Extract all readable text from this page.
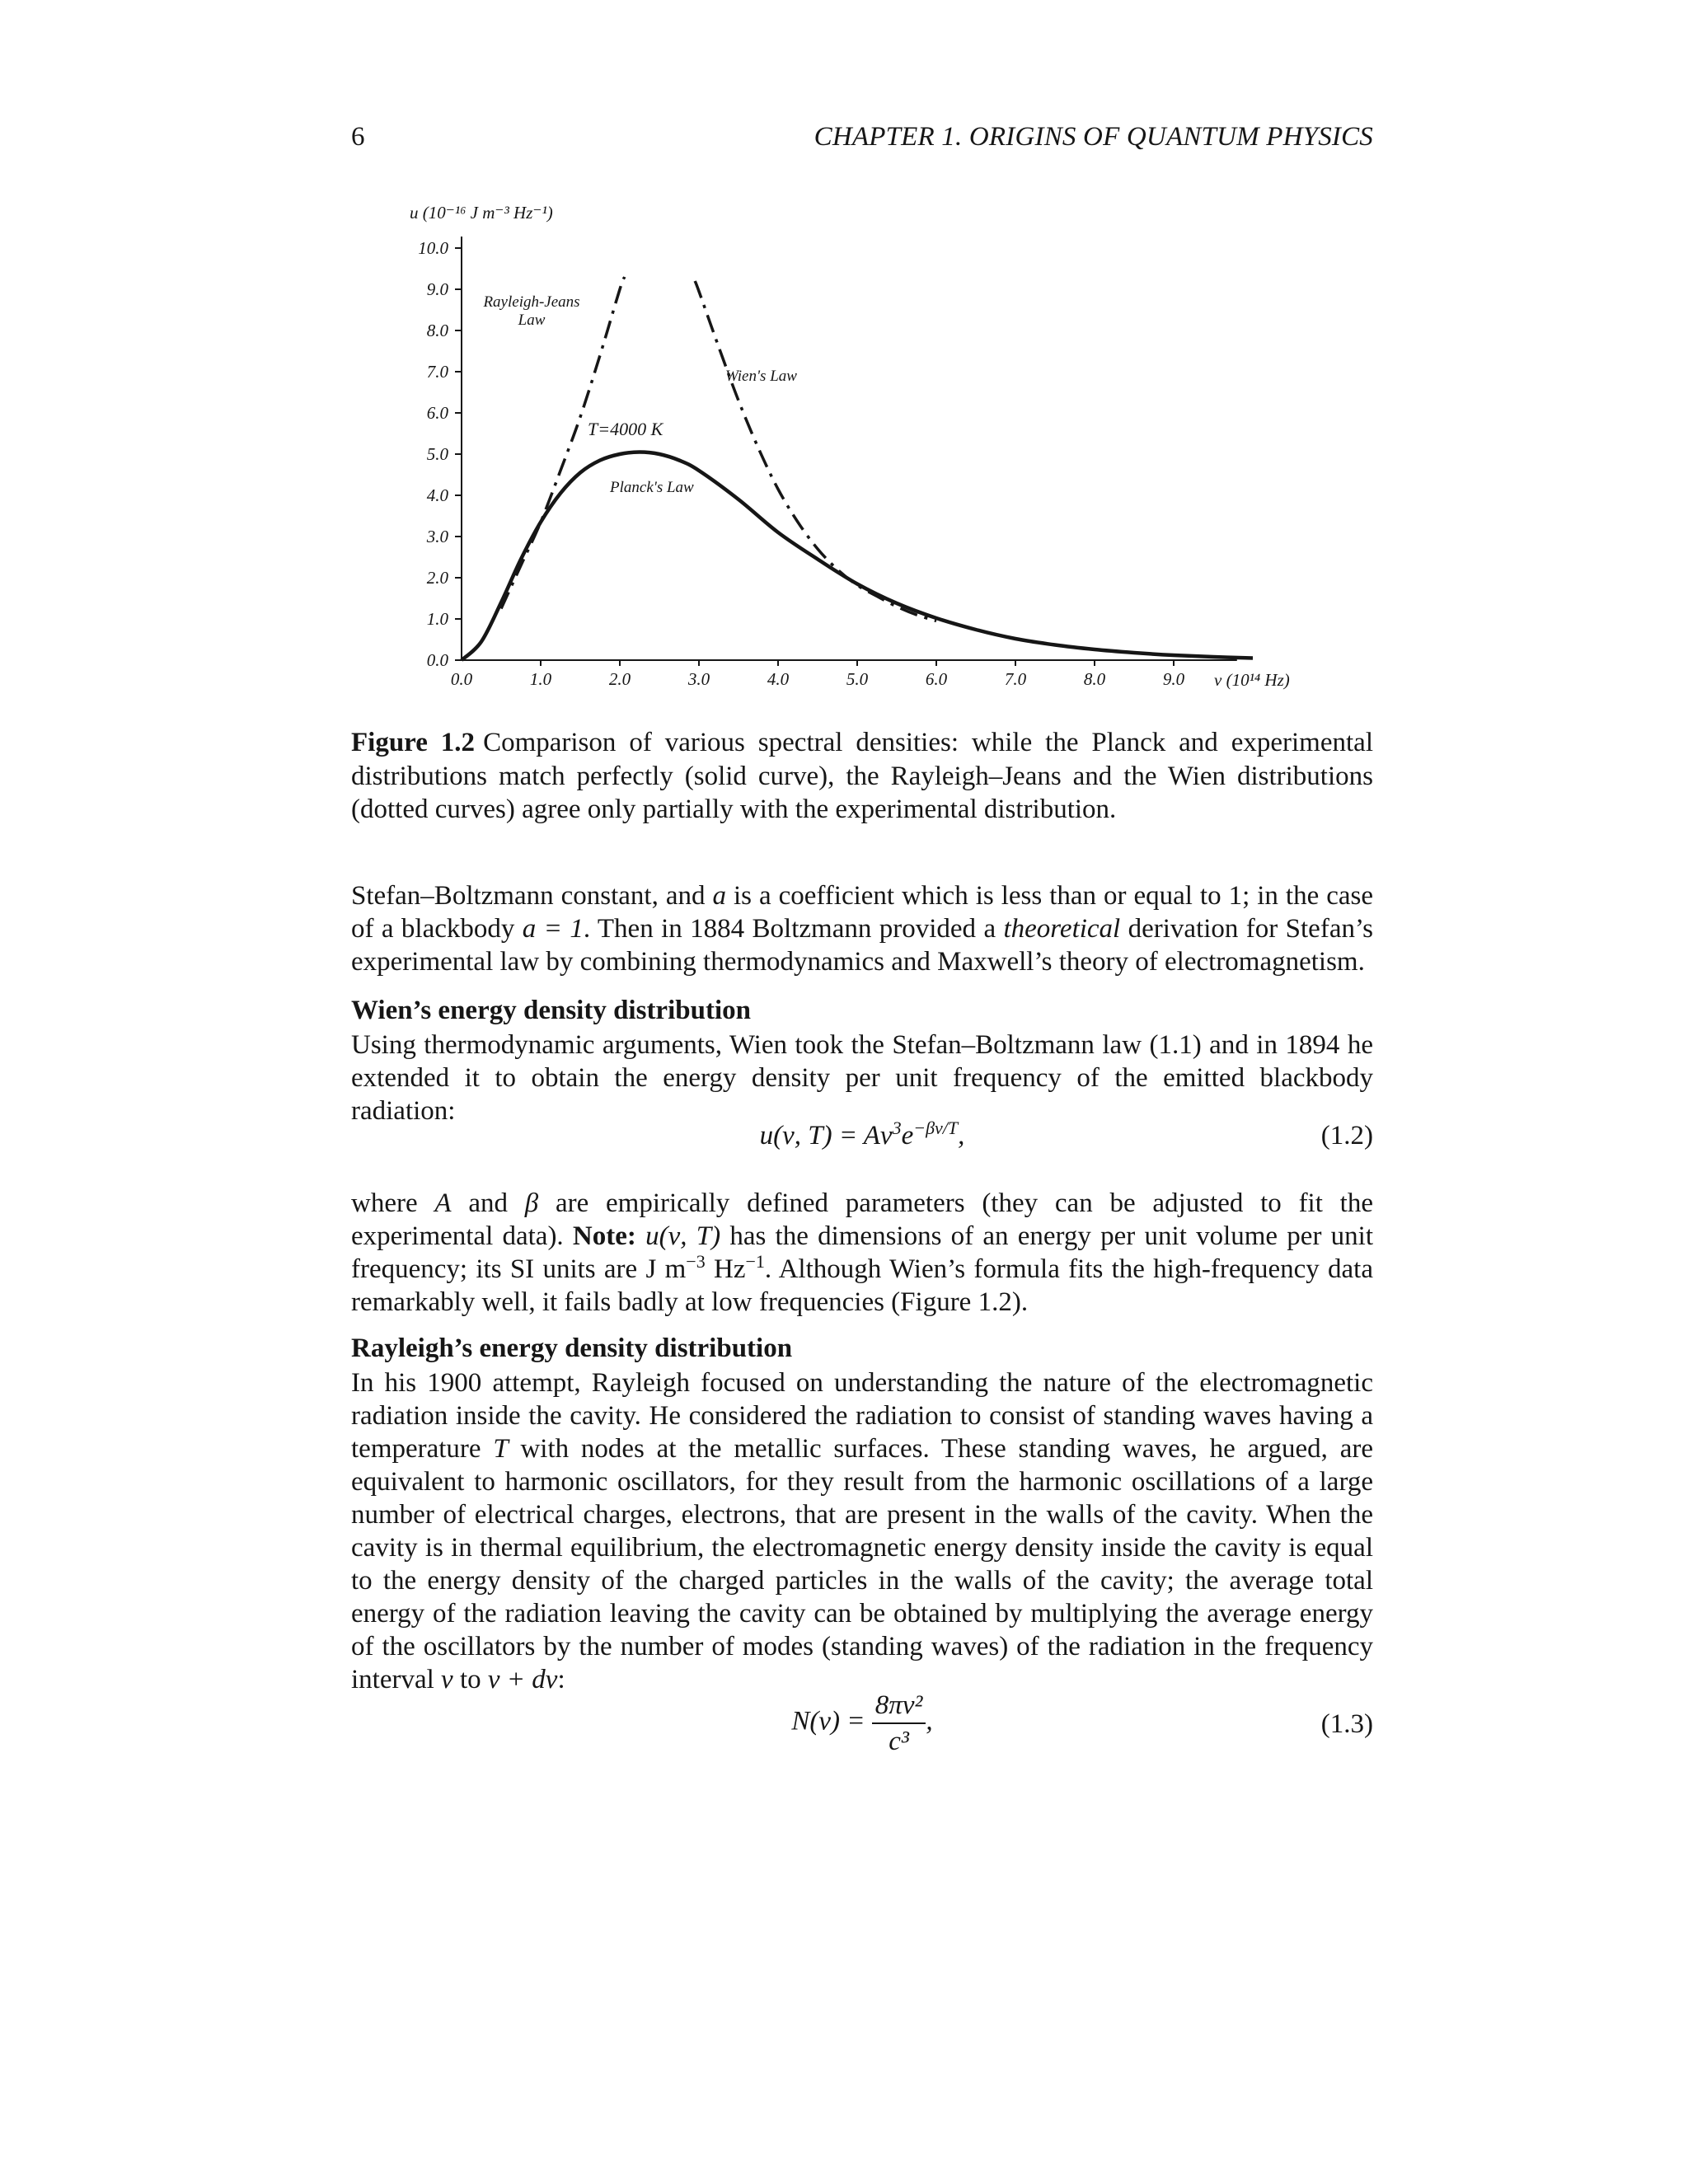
6	CHAPTER 1. ORIGINS OF QUANTUM PHYSICS
0.0
1.0
2.0
3.0
4.0
5.0
6.0
7.0
8.0
9.0
10.0
0.0	1.0	2.0	3.0	4.0	5.0	6.0	7.0	8.0	9.0
u (10⁻¹⁶ J m⁻³ Hz⁻¹)
ν (10¹⁴ Hz)
T=4000 K
Rayleigh-Jeans
Law
Wien's Law
Planck's Law
Figure 1.2 Comparison of various spectral densities: while the Planck and experimental distributions match perfectly (solid curve), the Rayleigh–Jeans and the Wien distributions (dotted curves) agree only partially with the experimental distribution.
Stefan–Boltzmann constant, and a is a coefficient which is less than or equal to 1; in the case of a blackbody a = 1. Then in 1884 Boltzmann provided a theoretical derivation for Stefan’s experimental law by combining thermodynamics and Maxwell’s theory of electromagnetism.
Wien’s energy density distribution
Using thermodynamic arguments, Wien took the Stefan–Boltzmann law (1.1) and in 1894 he extended it to obtain the energy density per unit frequency of the emitted blackbody radiation:
u(ν, $T) = A\nu^3e^{-\beta\nu/T}$,	(1.2)
where A and β are empirically defined parameters (they can be adjusted to fit the experimental data). Note: u(ν, T) has the dimensions of an energy per unit volume per unit frequency; its SI units are J $m^{-3}$ $Hz^{-1}$. Although Wien’s formula fits the high-frequency data remarkably well, it fails badly at low frequencies (Figure 1.2).
Rayleigh’s energy density distribution
In his 1900 attempt, Rayleigh focused on understanding the nature of the electromagnetic radiation inside the cavity. He considered the radiation to consist of standing waves having a temperature T with nodes at the metallic surfaces. These standing waves, he argued, are equivalent to harmonic oscillators, for they result from the harmonic oscillations of a large number of electrical charges, electrons, that are present in the walls of the cavity. When the cavity is in thermal equilibrium, the electromagnetic energy density inside the cavity is equal to the energy density of the charged particles in the walls of the cavity; the average total energy of the radiation leaving the cavity can be obtained by multiplying the average energy of the oscillators by the number of modes (standing waves) of the radiation in the frequency interval ν to ν + dν:
$N(\nu) = \frac{\text{8πν²}}{\text{c³}}$ ,	(1.3)
